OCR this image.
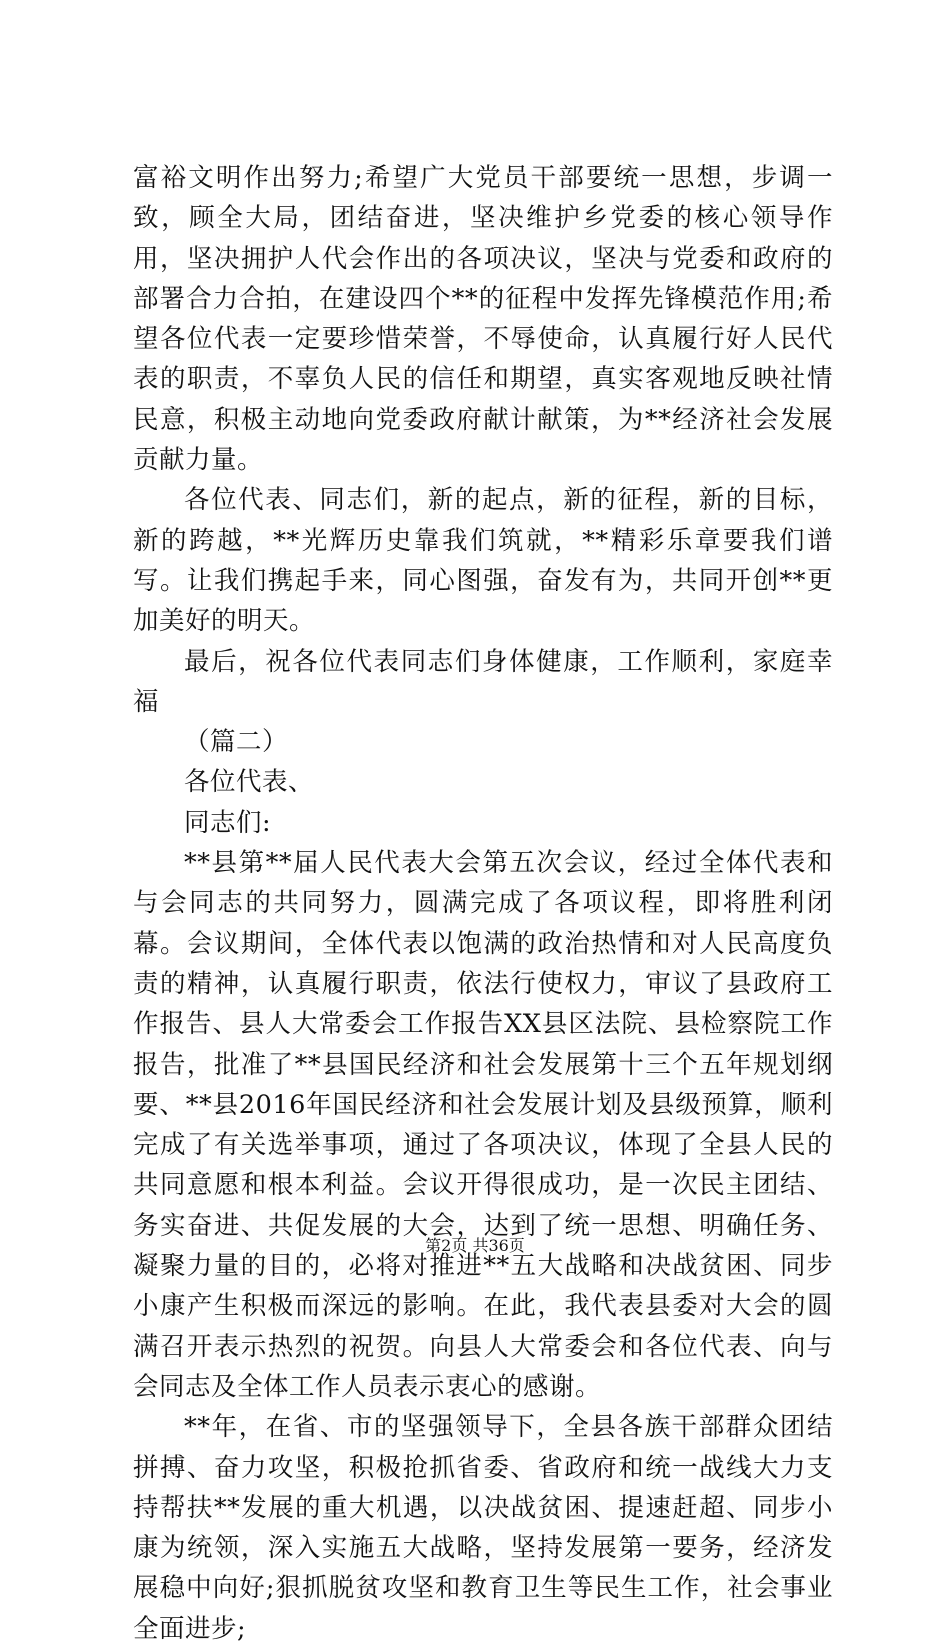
富裕文明作出努力;希望广大党员干部要统一思想，步调一致，顾全大局，团结奋进，坚决维护乡党委的核心领导作用，坚决拥护人代会作出的各项决议，坚决与党委和政府的部署合力合拍，在建设四个**的征程中发挥先锋模范作用;希望各位代表一定要珍惜荣誉，不辱使命，认真履行好人民代表的职责，不辜负人民的信任和期望，真实客观地反映社情民意，积极主动地向党委政府献计献策，为**经济社会发展贡献力量。

各位代表、同志们，新的起点，新的征程，新的目标，新的跨越，**光辉历史靠我们筑就，**精彩乐章要我们谱写。让我们携起手来，同心图强，奋发有为，共同开创**更加美好的明天。

最后，祝各位代表同志们身体健康，工作顺利，家庭幸福

（篇二）

各位代表、

同志们:

**县第**届人民代表大会第五次会议，经过全体代表和与会同志的共同努力，圆满完成了各项议程，即将胜利闭幕。会议期间，全体代表以饱满的政治热情和对人民高度负责的精神，认真履行职责，依法行使权力，审议了县政府工作报告、县人大常委会工作报告XX县区法院、县检察院工作报告，批准了**县国民经济和社会发展第十三个五年规划纲要、**县2016年国民经济和社会发展计划及县级预算，顺利完成了有关选举事项，通过了各项决议，体现了全县人民的共同意愿和根本利益。会议开得很成功，是一次民主团结、务实奋进、共促发展的大会，达到了统一思想、明确任务、凝聚力量的目的，必将对推进**五大战略和决战贫困、同步小康产生积极而深远的影响。在此，我代表县委对大会的圆满召开表示热烈的祝贺。向县人大常委会和各位代表、向与会同志及全体工作人员表示衷心的感谢。

**年，在省、市的坚强领导下，全县各族干部群众团结拼搏、奋力攻坚，积极抢抓省委、省政府和统一战线大力支持帮扶**发展的重大机遇，以决战贫困、提速赶超、同步小康为统领，深入实施五大战略，坚持发展第一要务，经济发展稳中向好;狠抓脱贫攻坚和教育卫生等民生工作，社会事业全面进步;

第2页 共36页
